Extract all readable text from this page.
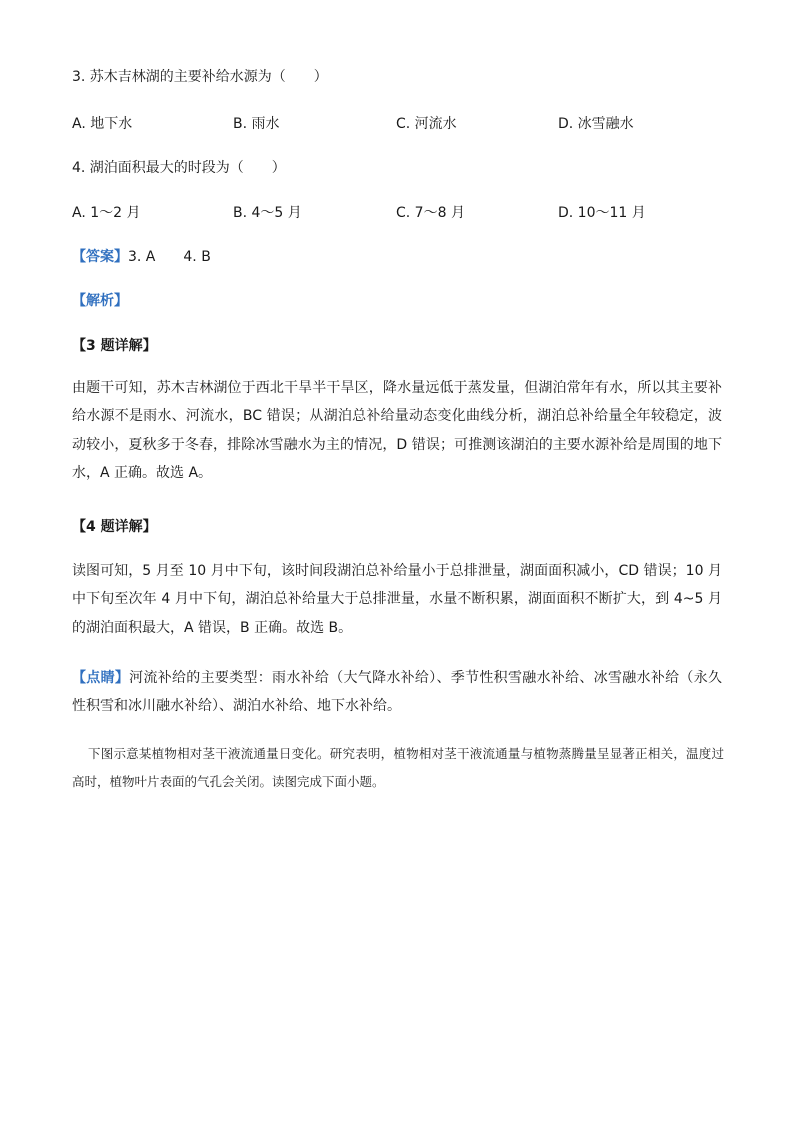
3. 苏木吉林湖的主要补给水源为（　　）
A. 地下水	B. 雨水	C. 河流水	D. 冰雪融水
4. 湖泊面积最大的时段为（　　）
A. 1～2 月	B. 4～5 月	C. 7～8 月	D. 10～11 月
【答案】3. A　　4. B
【解析】
【3 题详解】
由题干可知，苏木吉林湖位于西北干旱半干旱区，降水量远低于蒸发量，但湖泊常年有水，所以其主要补给水源不是雨水、河流水，BC 错误；从湖泊总补给量动态变化曲线分析，湖泊总补给量全年较稳定，波动较小，夏秋多于冬春，排除冰雪融水为主的情况，D 错误；可推测该湖泊的主要水源补给是周围的地下水，A 正确。故选 A。
【4 题详解】
读图可知，5 月至 10 月中下旬，该时间段湖泊总补给量小于总排泄量，湖面面积减小，CD 错误；10 月中下旬至次年 4 月中下旬，湖泊总补给量大于总排泄量，水量不断积累，湖面面积不断扩大，到 4~5 月的湖泊面积最大，A 错误，B 正确。故选 B。
【点睛】河流补给的主要类型：雨水补给（大气降水补给）、季节性积雪融水补给、冰雪融水补给（永久性积雪和冰川融水补给）、湖泊水补给、地下水补给。
下图示意某植物相对茎干液流通量日变化。研究表明，植物相对茎干液流通量与植物蒸腾量呈显著正相关，温度过高时，植物叶片表面的气孔会关闭。读图完成下面小题。
